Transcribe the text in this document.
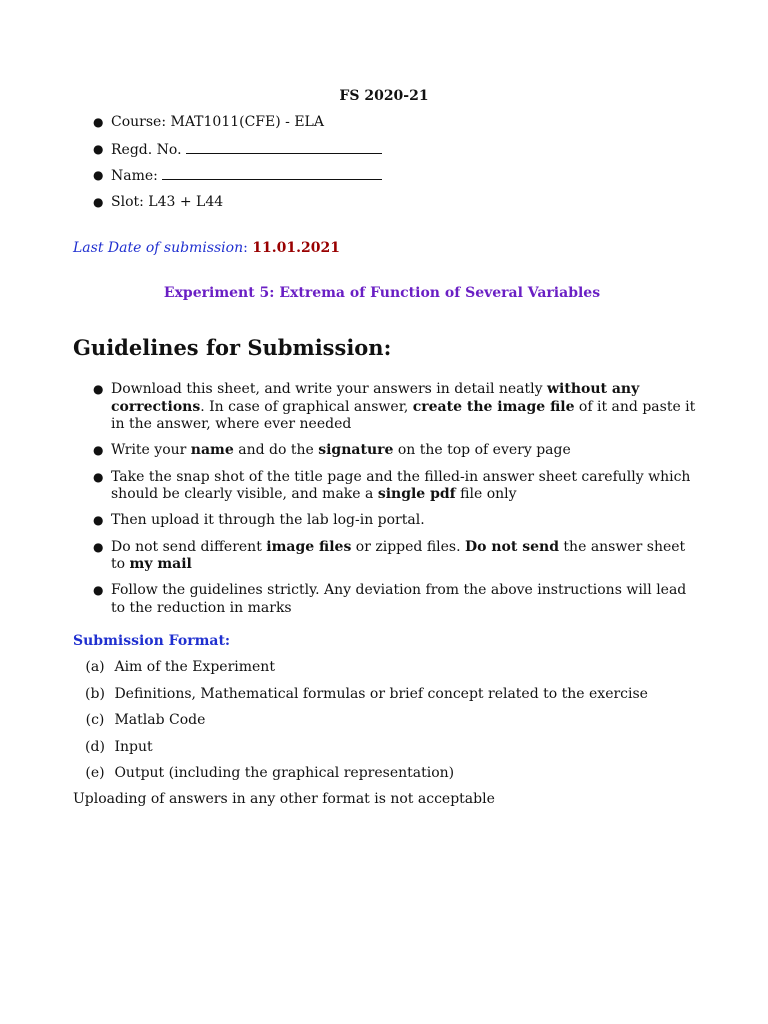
FS 2020-21
● Course: MAT1011(CFE) - ELA
● Regd. No.
● Name:
● Slot: L43 + L44
Last Date of submission: 11.01.2021
Experiment 5: Extrema of Function of Several Variables
Guidelines for Submission:
● Download this sheet, and write your answers in detail neatly without any corrections. In case of graphical answer, create the image file of it and paste it in the answer, where ever needed
● Write your name and do the signature on the top of every page
● Take the snap shot of the title page and the filled-in answer sheet carefully which should be clearly visible, and make a single pdf file only
● Then upload it through the lab log-in portal.
● Do not send different image files or zipped files. Do not send the answer sheet to my mail
● Follow the guidelines strictly. Any deviation from the above instructions will lead to the reduction in marks
Submission Format:
(a) Aim of the Experiment
(b) Definitions, Mathematical formulas or brief concept related to the exercise
(c) Matlab Code
(d) Input
(e) Output (including the graphical representation)
Uploading of answers in any other format is not acceptable
